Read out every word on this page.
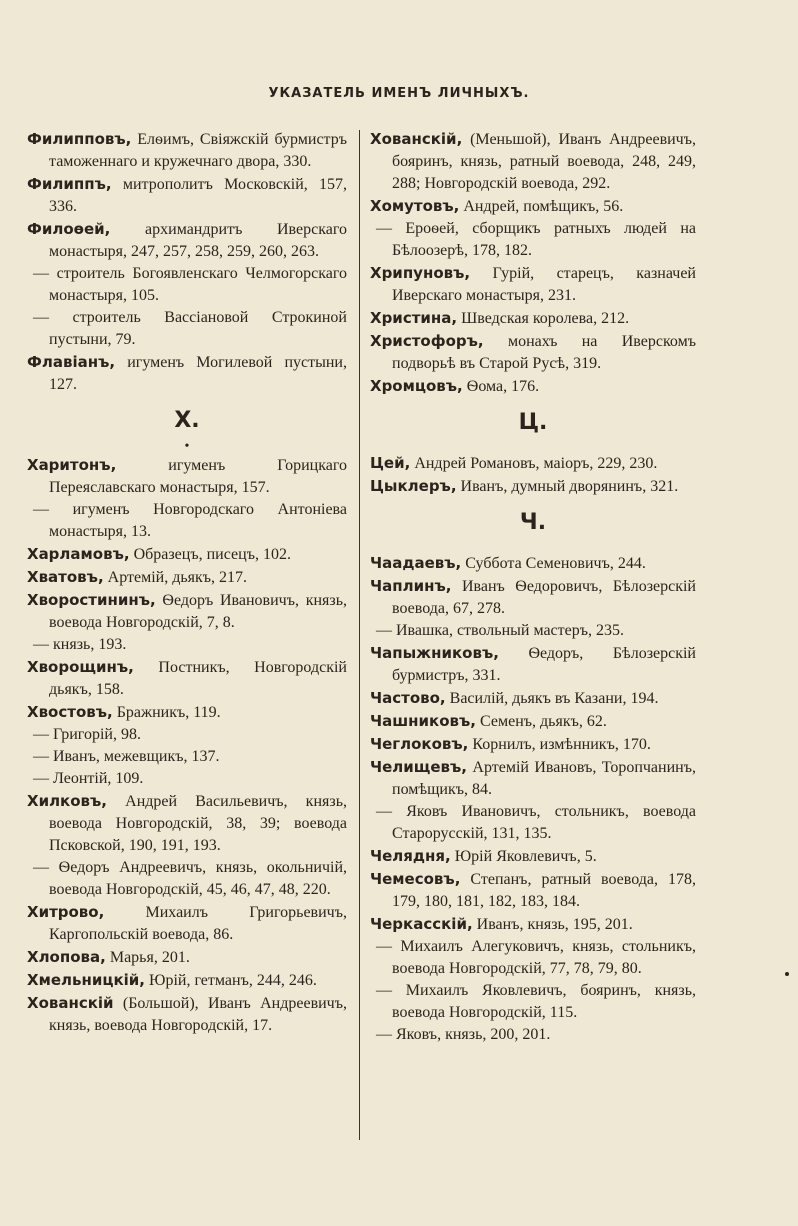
УКАЗАТЕЛЬ ИМЕНЪ ЛИЧНЫХЪ.

Филипповъ, Елѳимъ, Свіяжскій бурмистръ таможеннаго и кружечнаго двора, 330.

Филиппъ, митрополитъ Московскій, 157, 336.

Филоѳей, архимандритъ Иверскаго монастыря, 247, 257, 258, 259, 260, 263.

— строитель Богоявленскаго Челмогорскаго монастыря, 105.

— строитель Вассіановой Строкиной пустыни, 79.

Флавіанъ, игуменъ Могилевой пустыни, 127.

Х.
•

Харитонъ, игуменъ Горицкаго Переяславскаго монастыря, 157.

— игуменъ Новгородскаго Антоніева монастыря, 13.

Харламовъ, Образецъ, писецъ, 102.

Хватовъ, Артемій, дьякъ, 217.

Хворостининъ, Ѳедоръ Ивановичъ, князь, воевода Новгородскій, 7, 8.

— князь, 193.

Хворощинъ, Постникъ, Новгородскій дьякъ, 158.

Хвостовъ, Бражникъ, 119.

— Григорій, 98.

— Иванъ, межевщикъ, 137.

— Леонтій, 109.

Хилковъ, Андрей Васильевичъ, князь, воевода Новгородскій, 38, 39; воевода Псковской, 190, 191, 193.

— Ѳедоръ Андреевичъ, князь, окольничій, воевода Новгородскій, 45, 46, 47, 48, 220.

Хитрово, Михаилъ Григорьевичъ, Каргопольскій воевода, 86.

Хлопова, Марья, 201.

Хмельницкій, Юрій, гетманъ, 244, 246.

Хованскій (Большой), Иванъ Андреевичъ, князь, воевода Новгородскій, 17.

Хованскій, (Меньшой), Иванъ Андреевичъ, бояринъ, князь, ратный воевода, 248, 249, 288; Новгородскій воевода, 292.

Хомутовъ, Андрей, помѣщикъ, 56.

— Ероѳей, сборщикъ ратныхъ людей на Бѣлоозерѣ, 178, 182.

Хрипуновъ, Гурій, старецъ, казначей Иверскаго монастыря, 231.

Христина, Шведская королева, 212.

Христофоръ, монахъ на Иверскомъ подворьѣ въ Старой Русѣ, 319.

Хромцовъ, Ѳома, 176.

Ц.

Цей, Андрей Романовъ, маіоръ, 229, 230.

Цыклеръ, Иванъ, думный дворянинъ, 321.

Ч.

Чаадаевъ, Суббота Семеновичъ, 244.

Чаплинъ, Иванъ Ѳедоровичъ, Бѣлозерскій воевода, 67, 278.

— Ивашка, ствольный мастеръ, 235.

Чапыжниковъ, Ѳедоръ, Бѣлозерскій бурмистръ, 331.

Частово, Василій, дьякъ въ Казани, 194.

Чашниковъ, Семенъ, дьякъ, 62.

Чеглоковъ, Корнилъ, измѣнникъ, 170.

Челищевъ, Артемій Ивановъ, Торопчанинъ, помѣщикъ, 84.

— Яковъ Ивановичъ, стольникъ, воевода Старорусскій, 131, 135.

Челядня, Юрій Яковлевичъ, 5.

Чемесовъ, Степанъ, ратный воевода, 178, 179, 180, 181, 182, 183, 184.

Черкасскій, Иванъ, князь, 195, 201.

— Михаилъ Алегуковичъ, князь, стольникъ, воевода Новгородскій, 77, 78, 79, 80.

— Михаилъ Яковлевичъ, бояринъ, князь, воевода Новгородскій, 115.

— Яковъ, князь, 200, 201.
